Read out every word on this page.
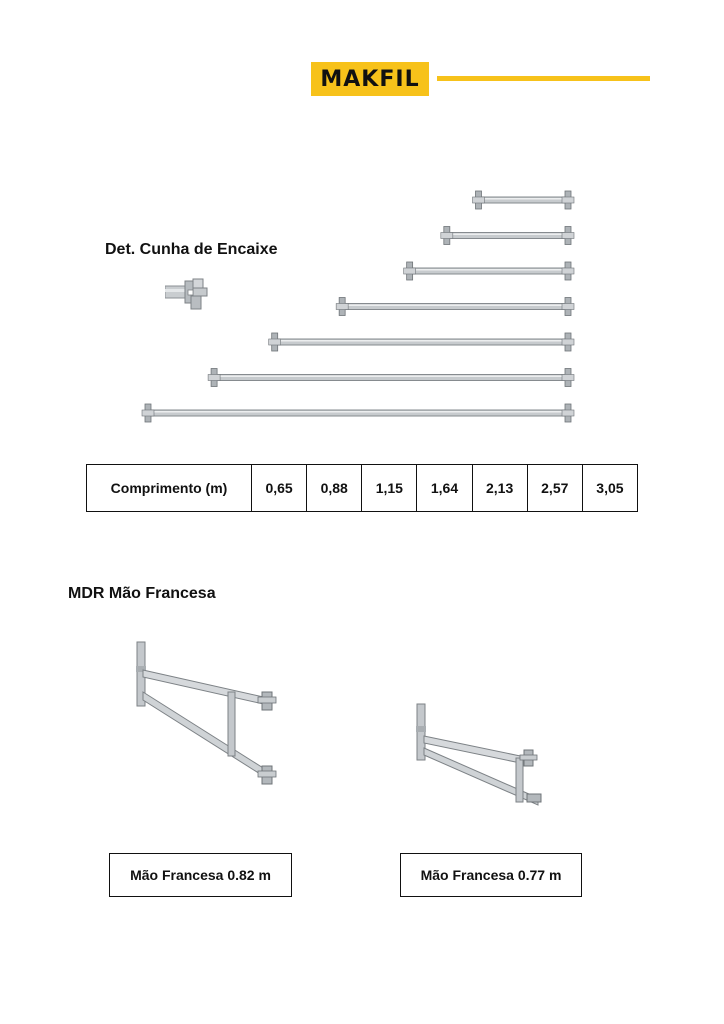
MAKFIL
Det. Cunha de Encaixe
Comprimento (m)	0,65	0,88	1,15	1,64	2,13	2,57	3,05
MDR Mão Francesa
Mão Francesa 0.82 m	Mão Francesa 0.77 m
